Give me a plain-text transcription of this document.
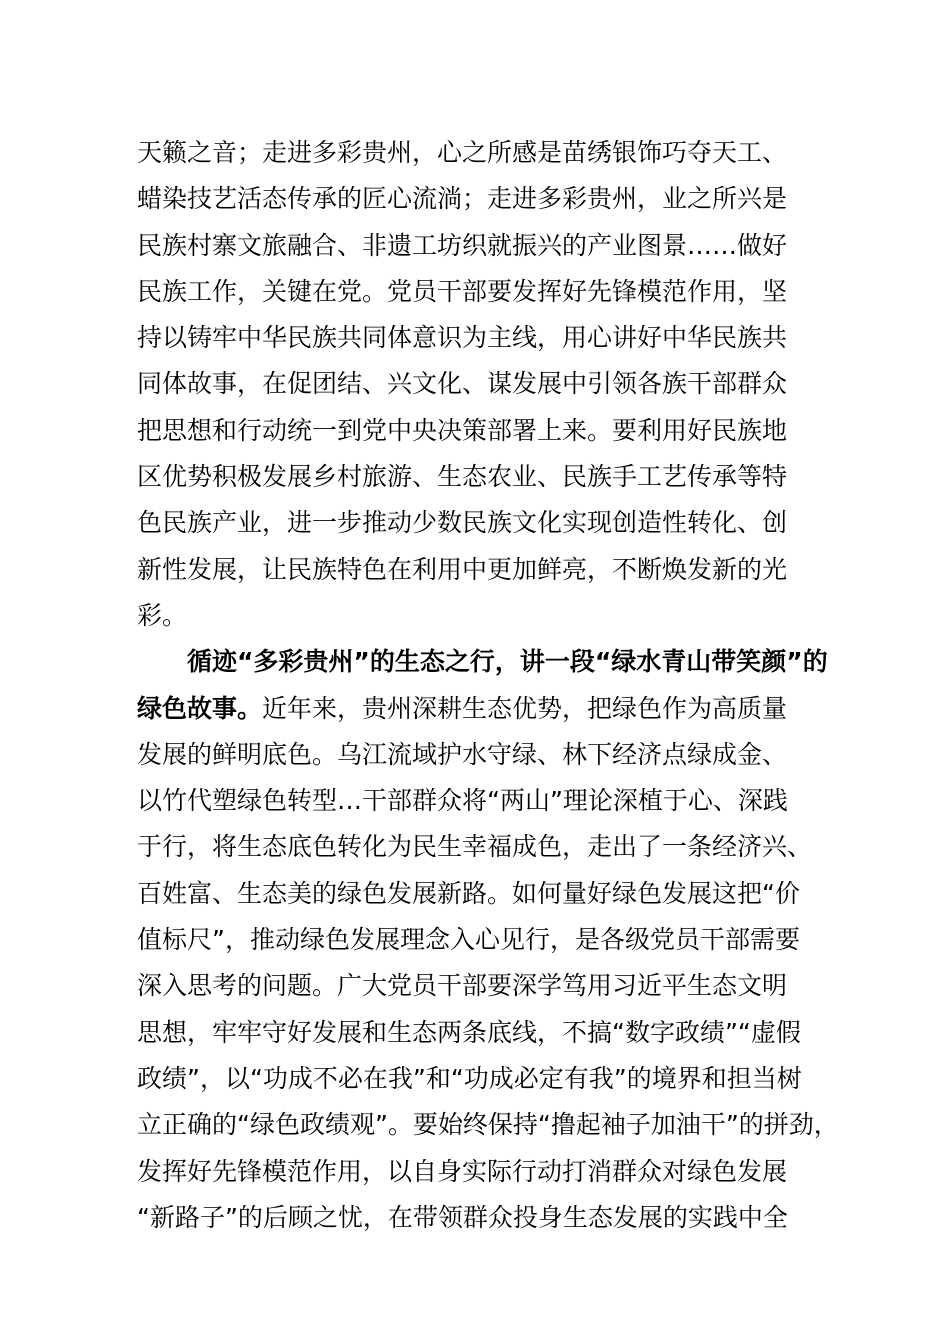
天籁之音；走进多彩贵州，心之所感是苗绣银饰巧夺天工、
蜡染技艺活态传承的匠心流淌；走进多彩贵州，业之所兴是
民族村寨文旅融合、非遗工坊织就振兴的产业图景……做好
民族工作，关键在党。党员干部要发挥好先锋模范作用，坚
持以铸牢中华民族共同体意识为主线，用心讲好中华民族共
同体故事，在促团结、兴文化、谋发展中引领各族干部群众
把思想和行动统一到党中央决策部署上来。要利用好民族地
区优势积极发展乡村旅游、生态农业、民族手工艺传承等特
色民族产业，进一步推动少数民族文化实现创造性转化、创
新性发展，让民族特色在利用中更加鲜亮，不断焕发新的光
彩。
循迹“多彩贵州”的生态之行，讲一段“绿水青山带笑颜”的
绿色故事。近年来，贵州深耕生态优势，把绿色作为高质量
发展的鲜明底色。乌江流域护水守绿、林下经济点绿成金、
以竹代塑绿色转型…干部群众将“两山”理论深植于心、深践
于行，将生态底色转化为民生幸福成色，走出了一条经济兴、
百姓富、生态美的绿色发展新路。如何量好绿色发展这把“价
值标尺”，推动绿色发展理念入心见行，是各级党员干部需要
深入思考的问题。广大党员干部要深学笃用习近平生态文明
思想，牢牢守好发展和生态两条底线，不搞“数字政绩”“虚假
政绩”，以“功成不必在我”和“功成必定有我”的境界和担当树
立正确的“绿色政绩观”。要始终保持“撸起袖子加油干”的拼劲，
发挥好先锋模范作用，以自身实际行动打消群众对绿色发展
“新路子”的后顾之忧，在带领群众投身生态发展的实践中全
